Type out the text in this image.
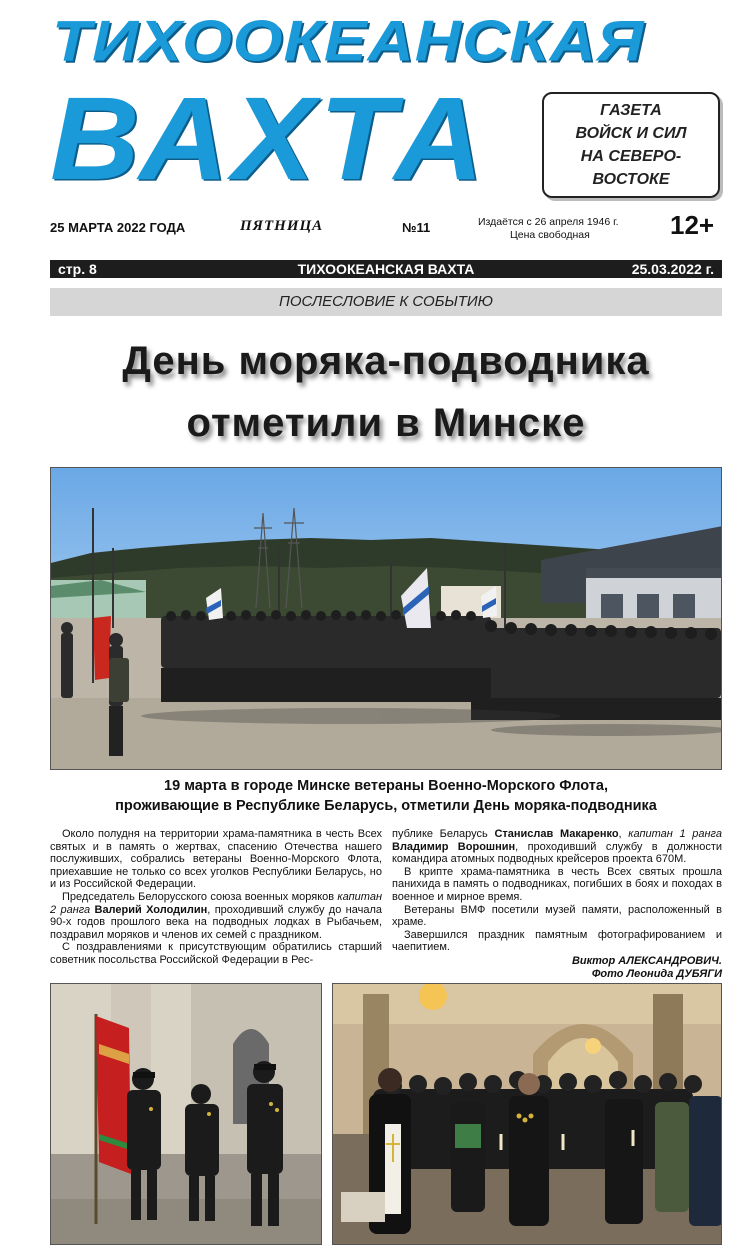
ТИХООКЕАНСКАЯ
ВАХТА	ГАЗЕТА
ВОЙСК И СИЛ
НА СЕВЕРО-
ВОСТОКЕ
25 МАРТА 2022 ГОДА	ПЯТНИЦА	№11	Издаётся с 26 апреля 1946 г.
Цена свободная	12+
ТИХООКЕАНСКАЯ ВАХТА
стр. 8	25.03.2022 г.
ПОСЛЕСЛОВИЕ К СОБЫТИЮ
День моряка-подводника
отметили в Минске
19 марта в городе Минске ветераны Военно-Морского Флота,
проживающие в Республике Беларусь, отметили День моряка-подводника

Около полудня на территории храма-памятника в честь Всех святых и в память о жертвах, спасению Отечества нашего послуживших, собрались ветераны Военно-Морского Флота, приехавшие не только со всех уголков Республики Беларусь, но и из Российской Федерации.

Председатель Белорусского союза военных моряков капитан 2 ранга Валерий Холодилин, проходивший службу до начала 90-х годов прошлого века на подводных лодках в Рыбачьем, поздравил моряков и членов их семей с праздником.

С поздравлениями к присутствующим обратились старший советник посольства Российской Федерации в Рес-

публике Беларусь Станислав Макаренко, капитан 1 ранга Владимир Ворошнин, проходивший службу в должности командира атомных подводных крейсеров проекта 670М.

В крипте храма-памятника в честь Всех святых прошла панихида в память о подводниках, погибших в боях и походах в военное и мирное время.

Ветераны ВМФ посетили музей памяти, расположенный в храме.

Завершился праздник памятным фотографированием и чаепитием.

Виктор АЛЕКСАНДРОВИЧ.
Фото Леонида ДУБЯГИ
